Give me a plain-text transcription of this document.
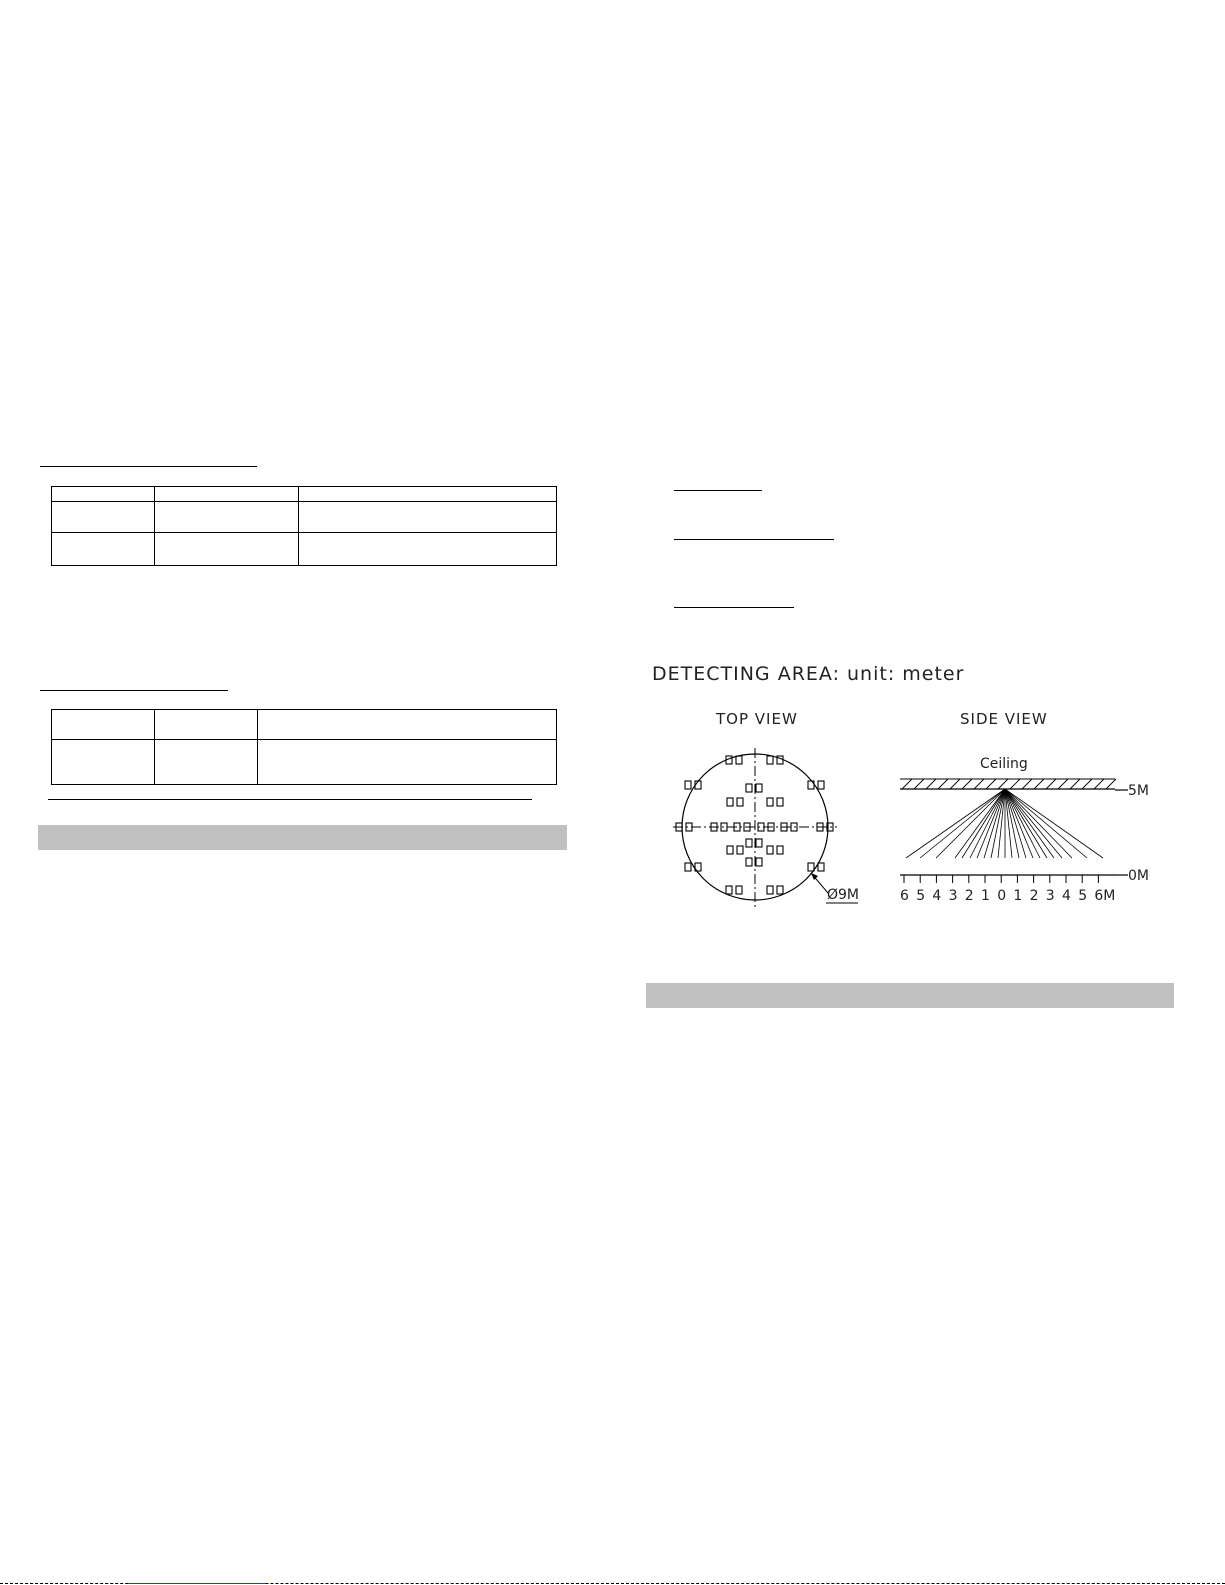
DETECTING AREA: unit: meter
TOP VIEW	SIDE VIEW
Ø9M
Ceiling
5M
0M
6 5 4 3 2 1 0 1 2 3 4 5 6M
